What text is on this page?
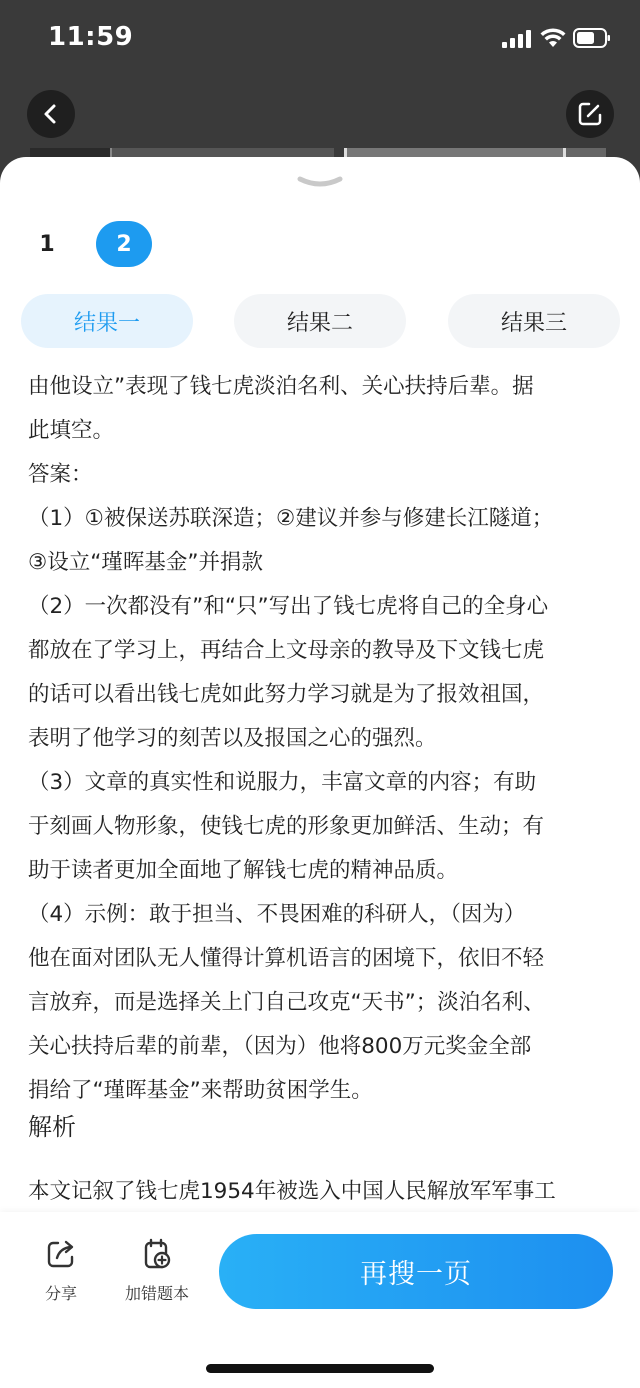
11:59
1	2
结果一	结果二	结果三

由他设立”表现了钱七虎淡泊名利、关心扶持后辈。据

此填空。

答案：

（1）①被保送苏联深造；②建议并参与修建长江隧道；

③设立“瑾晖基金”并捐款

（2）一次都没有”和“只”写出了钱七虎将自己的全身心

都放在了学习上，再结合上文母亲的教导及下文钱七虎

的话可以看出钱七虎如此努力学习就是为了报效祖国，

表明了他学习的刻苦以及报国之心的强烈。

（3）文章的真实性和说服力，丰富文章的内容；有助

于刻画人物形象，使钱七虎的形象更加鲜活、生动；有

助于读者更加全面地了解钱七虎的精神品质。

（4）示例：敢于担当、不畏困难的科研人，（因为）

他在面对团队无人懂得计算机语言的困境下，依旧不轻

言放弃，而是选择关上门自己攻克“天书”；淡泊名利、

关心扶持后辈的前辈，（因为）他将800万元奖金全部

捐给了“瑾晖基金”来帮助贫困学生。

解析
本文记叙了钱七虎1954年被选入中国人民解放军军事工
分享	加错题本
再搜一页
